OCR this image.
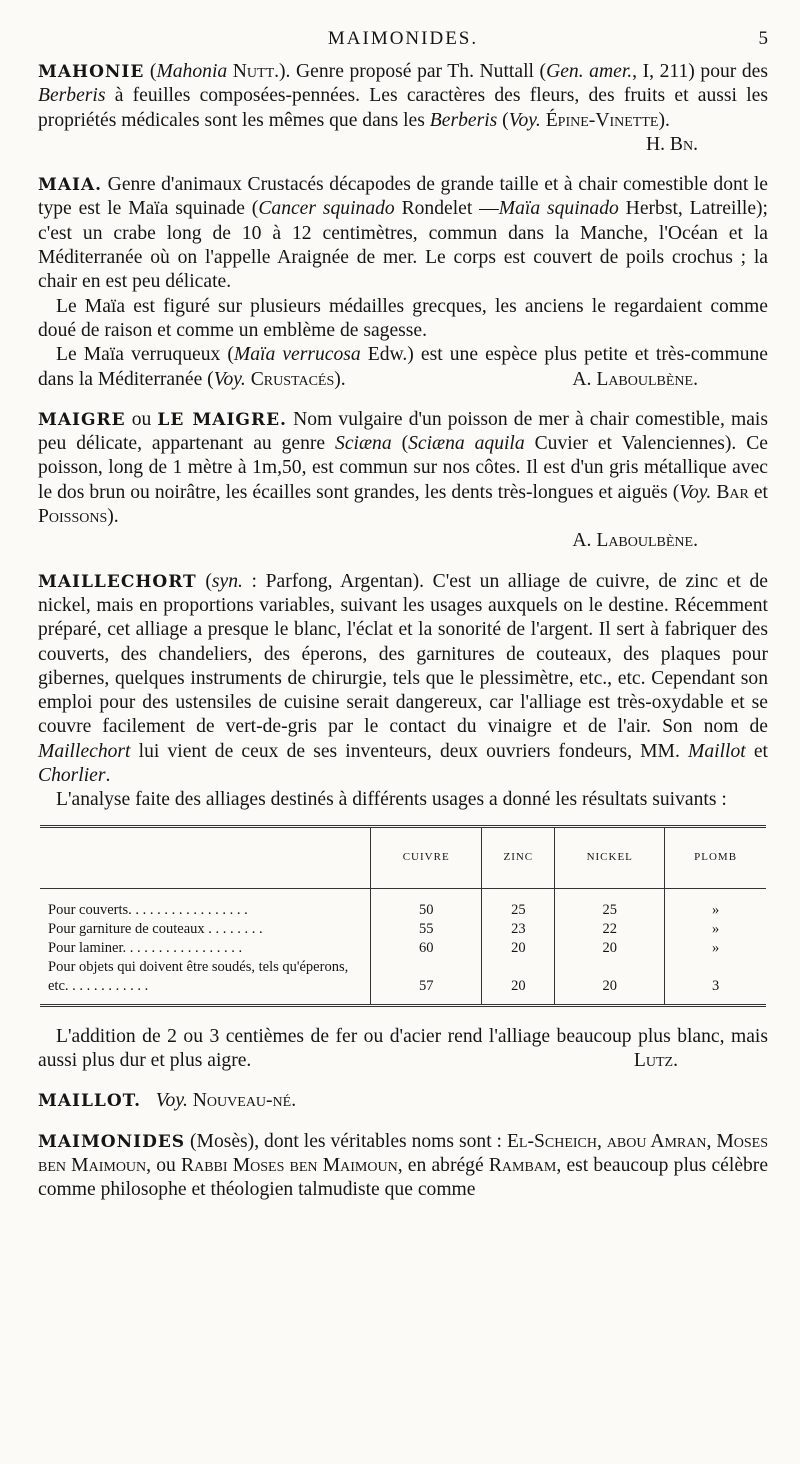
MAIMONIDES.	5

MAHONIE (Mahonia Nutt.). Genre proposé par Th. Nuttall (Gen. amer., I, 211) pour des Berberis à feuilles composées-pennées. Les caractères des fleurs, des fruits et aussi les propriétés médicales sont les mêmes que dans les Berberis (Voy. Épine-Vinette).

H. Bn.

MAIA. Genre d'animaux Crustacés décapodes de grande taille et à chair comestible dont le type est le Maïa squinade (Cancer squinado Rondelet —Maïa squinado Herbst, Latreille); c'est un crabe long de 10 à 12 centimètres, commun dans la Manche, l'Océan et la Méditerranée où on l'appelle Araignée de mer. Le corps est couvert de poils crochus ; la chair en est peu délicate.

Le Maïa est figuré sur plusieurs médailles grecques, les anciens le regardaient comme doué de raison et comme un emblème de sagesse.

Le Maïa verruqueux (Maïa verrucosa Edw.) est une espèce plus petite et très-commune dans la Méditerranée (Voy. Crustacés).	A. Laboulbène.

MAIGRE ou LE MAIGRE. Nom vulgaire d'un poisson de mer à chair comestible, mais peu délicate, appartenant au genre Sciæna (Sciæna aquila Cuvier et Valenciennes). Ce poisson, long de 1 mètre à 1m,50, est commun sur nos côtes. Il est d'un gris métallique avec le dos brun ou noirâtre, les écailles sont grandes, les dents très-longues et aiguës (Voy. Bar et Poissons).

A. Laboulbène.

MAILLECHORT (syn. : Parfong, Argentan). C'est un alliage de cuivre, de zinc et de nickel, mais en proportions variables, suivant les usages auxquels on le destine. Récemment préparé, cet alliage a presque le blanc, l'éclat et la sonorité de l'argent. Il sert à fabriquer des couverts, des chandeliers, des éperons, des garnitures de couteaux, des plaques pour gibernes, quelques instruments de chirurgie, tels que le plessimètre, etc., etc. Cependant son emploi pour des ustensiles de cuisine serait dangereux, car l'alliage est très-oxydable et se couvre facilement de vert-de-gris par le contact du vinaigre et de l'air. Son nom de Maillechort lui vient de ceux de ses inventeurs, deux ouvriers fondeurs, MM. Maillot et Chorlier.

L'analyse faite des alliages destinés à différents usages a donné les résultats suivants :

	CUIVRE	ZINC	NICKEL	PLOMB
Pour couverts. . . . . . . . . . . . . . . . .	50	25	25	»
Pour garniture de couteaux . . . . . . . .	55	23	22	»
Pour laminer. . . . . . . . . . . . . . . . .	60	20	20	»
Pour objets qui doivent être soudés, tels qu'éperons, etc. . . . . . . . . . . .	57	20	20	3

L'addition de 2 ou 3 centièmes de fer ou d'acier rend l'alliage beaucoup plus blanc, mais aussi plus dur et plus aigre.	Lutz.

MAILLOT. Voy. Nouveau-né.

MAIMONIDES (Mosès), dont les véritables noms sont : El-Scheich, abou Amran, Moses ben Maimoun, ou Rabbi Moses ben Maimoun, en abrégé Rambam, est beaucoup plus célèbre comme philosophe et théologien talmudiste que comme
